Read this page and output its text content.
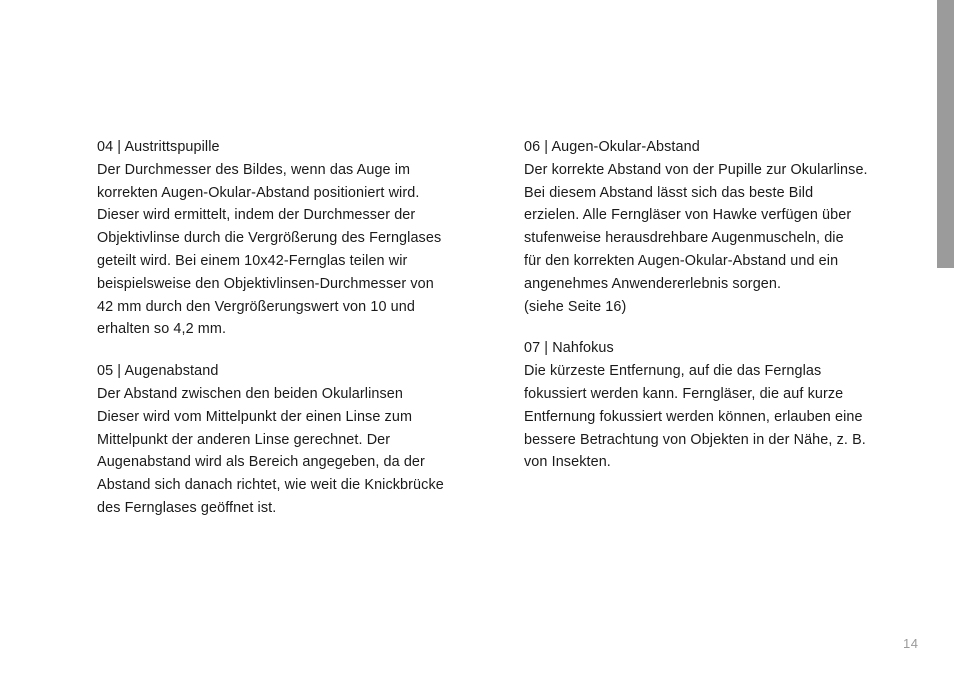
04 | Austrittspupille

Der Durchmesser des Bildes, wenn das Auge im

korrekten Augen-Okular-Abstand positioniert wird.

Dieser wird ermittelt, indem der Durchmesser der

Objektivlinse durch die Vergrößerung des Fernglases

geteilt wird. Bei einem 10x42-Fernglas teilen wir

beispielsweise den Objektivlinsen-Durchmesser von

42 mm durch den Vergrößerungswert von 10 und

erhalten so 4,2 mm.

05 | Augenabstand

Der Abstand zwischen den beiden Okularlinsen

Dieser wird vom Mittelpunkt der einen Linse zum

Mittelpunkt der anderen Linse gerechnet. Der

Augenabstand wird als Bereich angegeben, da der

Abstand sich danach richtet, wie weit die Knickbrücke

des Fernglases geöffnet ist.

06 | Augen-Okular-Abstand

Der korrekte Abstand von der Pupille zur Okularlinse.

Bei diesem Abstand lässt sich das beste Bild

erzielen. Alle Ferngläser von Hawke verfügen über

stufenweise herausdrehbare Augenmuscheln, die

für den korrekten Augen-Okular-Abstand und ein

angenehmes Anwendererlebnis sorgen.

(siehe Seite 16)

07 | Nahfokus

Die kürzeste Entfernung, auf die das Fernglas

fokussiert werden kann. Ferngläser, die auf kurze

Entfernung fokussiert werden können, erlauben eine

bessere Betrachtung von Objekten in der Nähe, z. B.

von Insekten.

14
